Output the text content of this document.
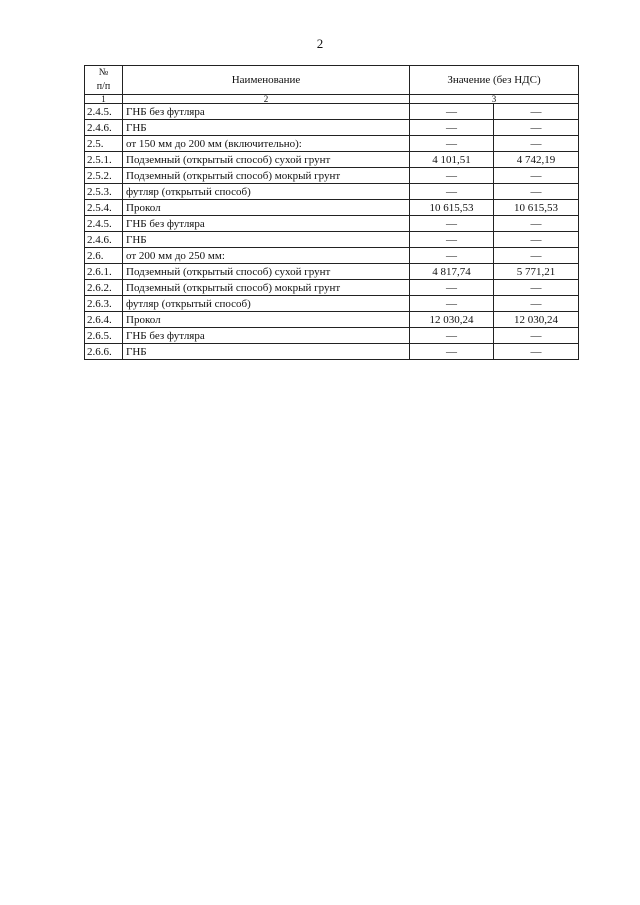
2
№
п/п	Наименование	Значение (без НДС)	
1	2	3	
2.4.5.	ГНБ без футляра	—	—
2.4.6.	ГНБ	—	—
2.5.	от 150 мм до 200 мм (включительно):	—	—
2.5.1.	Подземный (открытый способ) сухой грунт	4 101,51	4 742,19
2.5.2.	Подземный (открытый способ) мокрый грунт	—	—
2.5.3.	футляр (открытый способ)	—	—
2.5.4.	Прокол	10 615,53	10 615,53
2.4.5.	ГНБ без футляра	—	—
2.4.6.	ГНБ	—	—
2.6.	от 200 мм до 250 мм:	—	—
2.6.1.	Подземный (открытый способ) сухой грунт	4 817,74	5 771,21
2.6.2.	Подземный (открытый способ) мокрый грунт	—	—
2.6.3.	футляр (открытый способ)	—	—
2.6.4.	Прокол	12 030,24	12 030,24
2.6.5.	ГНБ без футляра	—	—
2.6.6.	ГНБ	—	—
